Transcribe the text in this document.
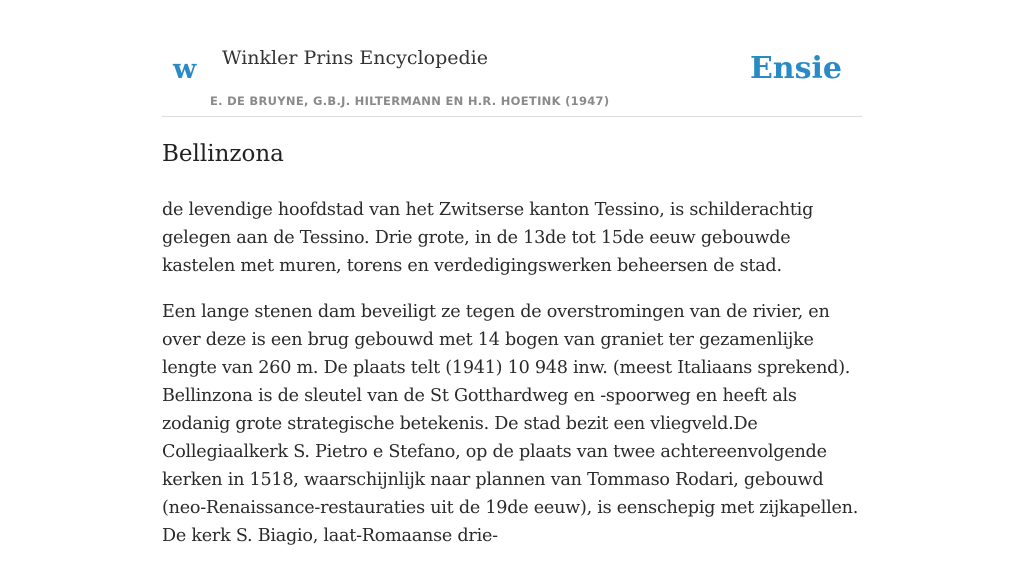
w Winkler Prins Encyclopedie
E. DE BRUYNE, G.B.J. HILTERMANN EN H.R. HOETINK (1947)
Ensie
Bellinzona

de levendige hoofdstad van het Zwitserse kanton Tessino, is schilderachtig gelegen aan de Tessino. Drie grote, in de 13de tot 15de eeuw gebouwde kastelen met muren, torens en verdedigingswerken beheersen de stad.

Een lange stenen dam beveiligt ze tegen de overstromingen van de rivier, en over deze is een brug gebouwd met 14 bogen van graniet ter gezamenlijke lengte van 260 m. De plaats telt (1941) 10 948 inw. (meest Italiaans sprekend). Bellinzona is de sleutel van de St Gotthardweg en -spoorweg en heeft als zodanig grote strategische betekenis. De stad bezit een vliegveld.De Collegiaalkerk S. Pietro e Stefano, op de plaats van twee achtereenvolgende kerken in 1518, waarschijnlijk naar plannen van Tommaso Rodari, gebouwd (neo-Renaissance-restauraties uit de 19de eeuw), is eenschepig met zijkapellen. De kerk S. Biagio, laat-Romaanse drie-
